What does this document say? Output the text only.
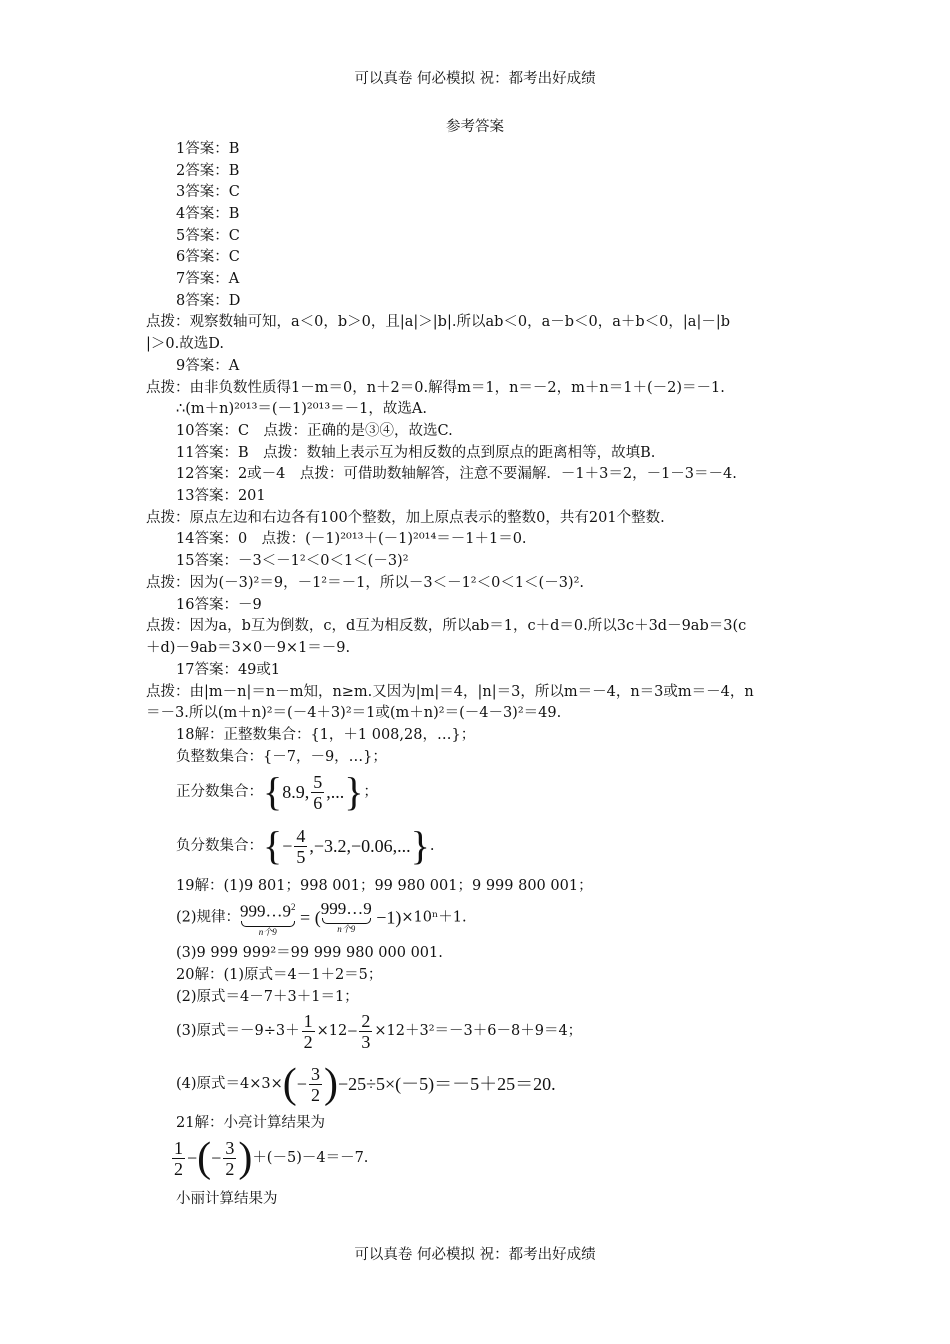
可以真卷 何必模拟 祝：都考出好成绩
参考答案
1答案：B
2答案：B
3答案：C
4答案：B
5答案：C
6答案：C
7答案：A
8答案：D
点拨：观察数轴可知，a＜0，b＞0，且|a|＞|b|.所以ab＜0，a－b＜0，a＋b＜0，|a|－|b
|＞0.故选D.
9答案：A
点拨：由非负数性质得1－m＝0，n＋2＝0.解得m＝1，n＝－2，m＋n＝1＋(－2)＝－1.
∴(m＋n)²⁰¹³＝(－1)²⁰¹³＝－1，故选A.
10答案：C　点拨：正确的是③④，故选C.
11答案：B　点拨：数轴上表示互为相反数的点到原点的距离相等，故填B.
12答案：2或－4　点拨：可借助数轴解答，注意不要漏解．－1＋3＝2，－1－3＝－4.
13答案：201
点拨：原点左边和右边各有100个整数，加上原点表示的整数0，共有201个整数.
14答案：0　点拨：(－1)²⁰¹³＋(－1)²⁰¹⁴＝－1＋1＝0.
15答案：－3＜－1²＜0＜1＜(－3)²
点拨：因为(－3)²＝9，－1²＝－1，所以－3＜－1²＜0＜1＜(－3)².
16答案：－9
点拨：因为a，b互为倒数，c，d互为相反数，所以ab＝1，c＋d＝0.所以3c＋3d－9ab＝3(c
＋d)－9ab＝3×0－9×1＝－9.
17答案：49或1
点拨：由|m－n|＝n－m知，n≥m.又因为|m|＝4，|n|＝3，所以m＝－4，n＝3或m＝－4，n
＝－3.所以(m＋n)²＝(－4＋3)²＝1或(m＋n)²＝(－4－3)²＝49.
18解：正整数集合：{1，＋1 008,28，…}；
负整数集合：{－7，－9，…}；
正分数集合：{8.9, $\frac{5}{6}$ ,...}；
负分数集合：{− $\frac{4}{5} ,-3.2,-0.06$,...}.
19解：(1)9 801；998 001；99 980 001；9 999 800 001；
(2)规律： $999\dots 9^2$
n个9
= ( 999…9
n个9
−1)×10ⁿ＋1.
(3)9 999 999²＝99 999 980 000 001.
20解：(1)原式＝4－1＋2＝5；
(2)原式＝4－7＋3＋1＝1；
(3)原式$=-9\div 3+ \frac{1}{2} \times 12- \frac{2}{3} \times 12+3^2=-3+6-8+9=4$；
(4)原式$=4\times 3\times(- \frac{3}{2} )-25\div 5\times(-5)=-5+25=20$.
21解：小亮计算结果为
$\frac{1}{2}$ −(− $\frac{3}{2} )+(-5)-4=-7$.
小丽计算结果为
可以真卷 何必模拟 祝：都考出好成绩
